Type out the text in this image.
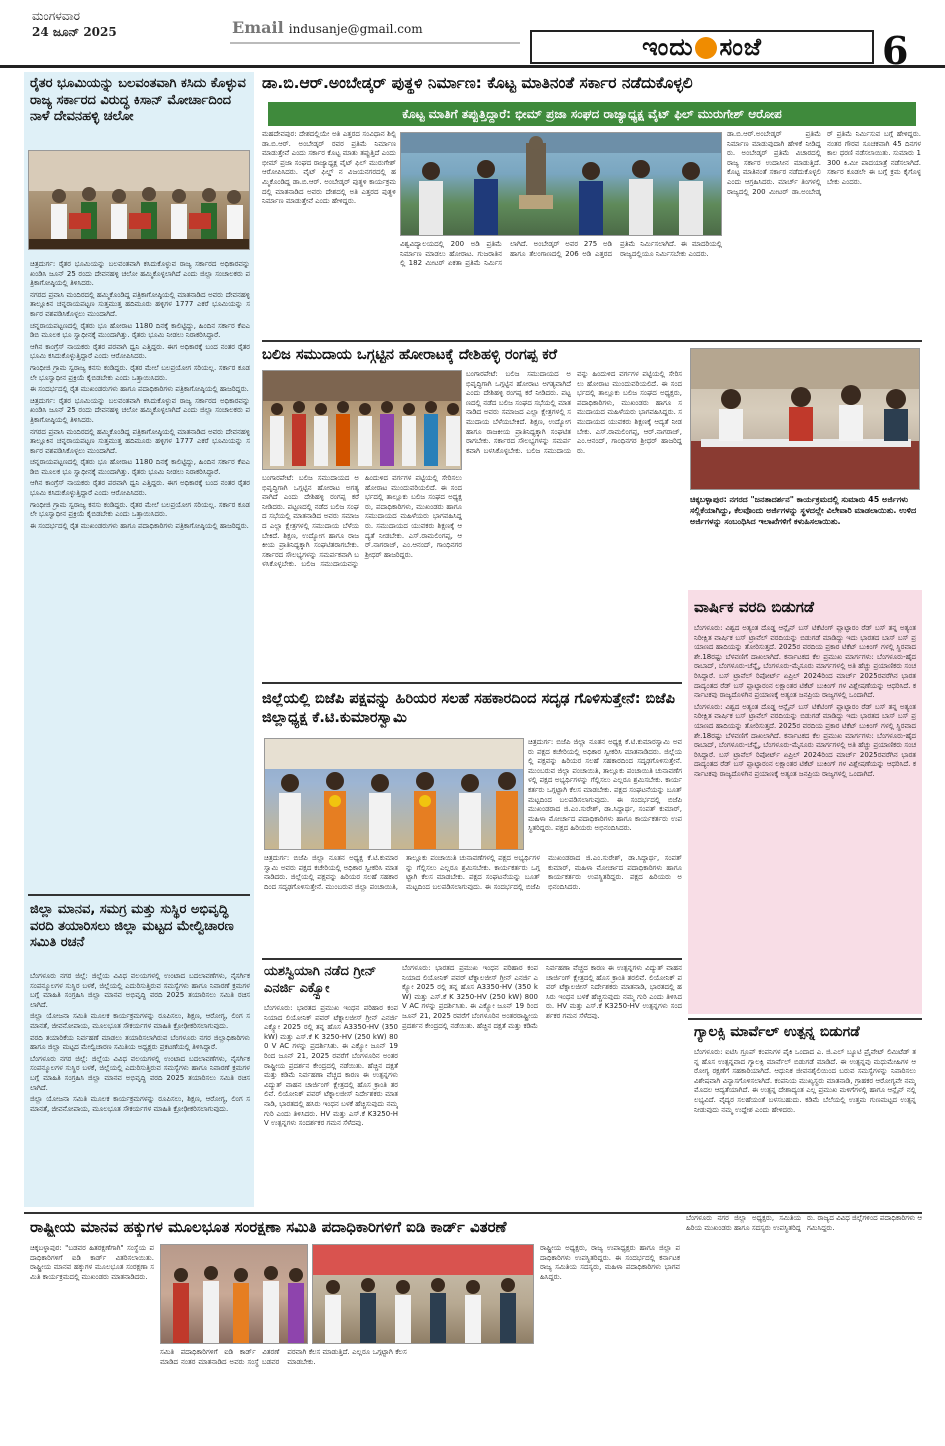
ಮಂಗಳವಾರ
24 ಜೂನ್ 2025	Email indusanje@gmail.com
ಇಂದು ಸಂಜೆ	6
ರೈತರ ಭೂಮಿಯನ್ನು ಬಲವಂತವಾಗಿ ಕಸಿದು ಕೊಳ್ಳುವ ರಾಜ್ಯ ಸರ್ಕಾರದ ವಿರುದ್ಧ ಕಿಸಾನ್ ಮೋರ್ಚಾದಿಂದ ನಾಳೆ ದೇವನಹಳ್ಳಿ ಚಲೋ

ಚಿತ್ರದುರ್ಗ: ರೈತರ ಭೂಮಿಯನ್ನು ಬಲವಂತವಾಗಿ ಕಸಿದುಕೊಳ್ಳುವ ರಾಜ್ಯ ಸರ್ಕಾರದ ಅಧಿಕಾರವನ್ನು ಖಂಡಿಸಿ ಜೂನ್ 25 ರಂದು ದೇವನಹಳ್ಳಿ ಚಲೋ ಹಮ್ಮಿಕೊಳ್ಳಲಾಗಿದೆ ಎಂದು ಜಿಲ್ಲಾ ಸಂಚಾಲಕರು ಪತ್ರಿಕಾಗೋಷ್ಠಿಯಲ್ಲಿ ತಿಳಿಸಿದರು.

ನಗರದ ಪ್ರವಾಸಿ ಮಂದಿರದಲ್ಲಿ ಹಮ್ಮಿಕೊಂಡಿದ್ದ ಪತ್ರಿಕಾಗೋಷ್ಠಿಯಲ್ಲಿ ಮಾತನಾಡಿದ ಅವರು ದೇವನಹಳ್ಳಿ ತಾಲ್ಲೂಕಿನ ಚನ್ನರಾಯಪಟ್ಟಣ ಸುತ್ತಮುತ್ತ ಹದಿಮೂರು ಹಳ್ಳಿಗಳ 1777 ಎಕರೆ ಭೂಮಿಯನ್ನು ಸರ್ಕಾರ ವಶಪಡಿಸಿಕೊಳ್ಳಲು ಮುಂದಾಗಿದೆ.

ಚನ್ನರಾಯಪಟ್ಟಣದಲ್ಲಿ ರೈತರು ಭೂ ಹೋರಾಟ 1180 ದಿನಕ್ಕೆ ಕಾಲಿಟ್ಟಿದ್ದು, ಹಿಂದಿನ ಸರ್ಕಾರ ಕೆಐಎಡಿಬಿ ಮೂಲಕ ಭೂ ಸ್ವಾಧೀನಕ್ಕೆ ಮುಂದಾಗಿತ್ತು. ರೈತರು ಭೂಮಿ ನೀಡಲು ನಿರಾಕರಿಸಿದ್ದಾರೆ.

ಆಗಿನ ಕಾಂಗ್ರೆಸ್ ನಾಯಕರು ರೈತರ ಪರವಾಗಿ ಧ್ವನಿ ಎತ್ತಿದ್ದರು. ಈಗ ಅಧಿಕಾರಕ್ಕೆ ಬಂದ ನಂತರ ರೈತರ ಭೂಮಿ ಕಸಿದುಕೊಳ್ಳುತ್ತಿದ್ದಾರೆ ಎಂದು ಆರೋಪಿಸಿದರು.

ಗಾಂಧೀಜಿ ಗ್ರಾಮ ಸ್ವರಾಜ್ಯ ಕನಸು ಕಂಡಿದ್ದರು. ರೈತರ ಮೇಲೆ ಬಲಪ್ರಯೋಗ ಸರಿಯಲ್ಲ. ಸರ್ಕಾರ ಕೂಡಲೇ ಭೂಸ್ವಾಧೀನ ಪ್ರಕ್ರಿಯೆ ಕೈಬಿಡಬೇಕು ಎಂದು ಒತ್ತಾಯಿಸಿದರು.

ಈ ಸಂದರ್ಭದಲ್ಲಿ ರೈತ ಮುಖಂಡರುಗಳು ಹಾಗೂ ಪದಾಧಿಕಾರಿಗಳು ಪತ್ರಿಕಾಗೋಷ್ಠಿಯಲ್ಲಿ ಹಾಜರಿದ್ದರು.

ಚಿತ್ರದುರ್ಗ: ರೈತರ ಭೂಮಿಯನ್ನು ಬಲವಂತವಾಗಿ ಕಸಿದುಕೊಳ್ಳುವ ರಾಜ್ಯ ಸರ್ಕಾರದ ಅಧಿಕಾರವನ್ನು ಖಂಡಿಸಿ ಜೂನ್ 25 ರಂದು ದೇವನಹಳ್ಳಿ ಚಲೋ ಹಮ್ಮಿಕೊಳ್ಳಲಾಗಿದೆ ಎಂದು ಜಿಲ್ಲಾ ಸಂಚಾಲಕರು ಪತ್ರಿಕಾಗೋಷ್ಠಿಯಲ್ಲಿ ತಿಳಿಸಿದರು.

ನಗರದ ಪ್ರವಾಸಿ ಮಂದಿರದಲ್ಲಿ ಹಮ್ಮಿಕೊಂಡಿದ್ದ ಪತ್ರಿಕಾಗೋಷ್ಠಿಯಲ್ಲಿ ಮಾತನಾಡಿದ ಅವರು ದೇವನಹಳ್ಳಿ ತಾಲ್ಲೂಕಿನ ಚನ್ನರಾಯಪಟ್ಟಣ ಸುತ್ತಮುತ್ತ ಹದಿಮೂರು ಹಳ್ಳಿಗಳ 1777 ಎಕರೆ ಭೂಮಿಯನ್ನು ಸರ್ಕಾರ ವಶಪಡಿಸಿಕೊಳ್ಳಲು ಮುಂದಾಗಿದೆ.

ಚನ್ನರಾಯಪಟ್ಟಣದಲ್ಲಿ ರೈತರು ಭೂ ಹೋರಾಟ 1180 ದಿನಕ್ಕೆ ಕಾಲಿಟ್ಟಿದ್ದು, ಹಿಂದಿನ ಸರ್ಕಾರ ಕೆಐಎಡಿಬಿ ಮೂಲಕ ಭೂ ಸ್ವಾಧೀನಕ್ಕೆ ಮುಂದಾಗಿತ್ತು. ರೈತರು ಭೂಮಿ ನೀಡಲು ನಿರಾಕರಿಸಿದ್ದಾರೆ.

ಆಗಿನ ಕಾಂಗ್ರೆಸ್ ನಾಯಕರು ರೈತರ ಪರವಾಗಿ ಧ್ವನಿ ಎತ್ತಿದ್ದರು. ಈಗ ಅಧಿಕಾರಕ್ಕೆ ಬಂದ ನಂತರ ರೈತರ ಭೂಮಿ ಕಸಿದುಕೊಳ್ಳುತ್ತಿದ್ದಾರೆ ಎಂದು ಆರೋಪಿಸಿದರು.

ಗಾಂಧೀಜಿ ಗ್ರಾಮ ಸ್ವರಾಜ್ಯ ಕನಸು ಕಂಡಿದ್ದರು. ರೈತರ ಮೇಲೆ ಬಲಪ್ರಯೋಗ ಸರಿಯಲ್ಲ. ಸರ್ಕಾರ ಕೂಡಲೇ ಭೂಸ್ವಾಧೀನ ಪ್ರಕ್ರಿಯೆ ಕೈಬಿಡಬೇಕು ಎಂದು ಒತ್ತಾಯಿಸಿದರು.

ಈ ಸಂದರ್ಭದಲ್ಲಿ ರೈತ ಮುಖಂಡರುಗಳು ಹಾಗೂ ಪದಾಧಿಕಾರಿಗಳು ಪತ್ರಿಕಾಗೋಷ್ಠಿಯಲ್ಲಿ ಹಾಜರಿದ್ದರು.

ಜಿಲ್ಲಾ ಮಾನವ, ಸಮಗ್ರ ಮತ್ತು ಸುಸ್ಥಿರ ಅಭಿವೃದ್ಧಿ ವರದಿ ತಯಾರಿಸಲು ಜಿಲ್ಲಾ ಮಟ್ಟದ ಮೇಲ್ವಿಚಾರಣ ಸಮಿತಿ ರಚನೆ

ಬೆಂಗಳೂರು ನಗರ ಜಿಲ್ಲೆ: ಜಿಲ್ಲೆಯ ವಿವಿಧ ವಲಯಗಳಲ್ಲಿ ಉಂಟಾದ ಬದಲಾವಣೆಗಳು, ನೈಸರ್ಗಿಕ ಸಂಪನ್ಮೂಲಗಳ ಸುಸ್ಥಿರ ಬಳಕೆ, ಜಿಲ್ಲೆಯಲ್ಲಿ ಎದುರಿಸುತ್ತಿರುವ ಸಮಸ್ಯೆಗಳು ಹಾಗೂ ನಿವಾರಣೆ ಕ್ರಮಗಳ ಬಗ್ಗೆ ಮಾಹಿತಿ ಸಂಗ್ರಹಿಸಿ ಜಿಲ್ಲಾ ಮಾನವ ಅಭಿವೃದ್ಧಿ ವರದಿ 2025 ತಯಾರಿಸಲು ಸಮಿತಿ ರಚಿಸಲಾಗಿದೆ.

ಜಿಲ್ಲಾ ಯೋಜನಾ ಸಮಿತಿ ಮೂಲಕ ಕಾರ್ಯಕ್ರಮಗಳನ್ನು ರೂಪಿಸಲು, ಶಿಕ್ಷಣ, ಆರೋಗ್ಯ, ಲಿಂಗ ಸಮಾನತೆ, ಜೀವನೋಪಾಯ, ಮೂಲಭೂತ ಸೌಕರ್ಯಗಳ ಮಾಹಿತಿ ಕ್ರೋಢೀಕರಿಸಲಾಗುವುದು.

ವರದಿ ತಯಾರಿಕೆಯ ನಿರ್ವಹಣೆ ಮಾಡಲು ತಯಾರಿಸಲಾಗಿರುವ ಬೆಂಗಳೂರು ನಗರ ಜಿಲ್ಲಾಧಿಕಾರಿಗಳು ಹಾಗೂ ಜಿಲ್ಲಾ ಮಟ್ಟದ ಮೇಲ್ವಿಚಾರಣ ಸಮಿತಿಯ ಅಧ್ಯಕ್ಷರು ಪ್ರಕಟಣೆಯಲ್ಲಿ ತಿಳಿಸಿದ್ದಾರೆ.

ಬೆಂಗಳೂರು ನಗರ ಜಿಲ್ಲೆ: ಜಿಲ್ಲೆಯ ವಿವಿಧ ವಲಯಗಳಲ್ಲಿ ಉಂಟಾದ ಬದಲಾವಣೆಗಳು, ನೈಸರ್ಗಿಕ ಸಂಪನ್ಮೂಲಗಳ ಸುಸ್ಥಿರ ಬಳಕೆ, ಜಿಲ್ಲೆಯಲ್ಲಿ ಎದುರಿಸುತ್ತಿರುವ ಸಮಸ್ಯೆಗಳು ಹಾಗೂ ನಿವಾರಣೆ ಕ್ರಮಗಳ ಬಗ್ಗೆ ಮಾಹಿತಿ ಸಂಗ್ರಹಿಸಿ ಜಿಲ್ಲಾ ಮಾನವ ಅಭಿವೃದ್ಧಿ ವರದಿ 2025 ತಯಾರಿಸಲು ಸಮಿತಿ ರಚಿಸಲಾಗಿದೆ.

ಜಿಲ್ಲಾ ಯೋಜನಾ ಸಮಿತಿ ಮೂಲಕ ಕಾರ್ಯಕ್ರಮಗಳನ್ನು ರೂಪಿಸಲು, ಶಿಕ್ಷಣ, ಆರೋಗ್ಯ, ಲಿಂಗ ಸಮಾನತೆ, ಜೀವನೋಪಾಯ, ಮೂಲಭೂತ ಸೌಕರ್ಯಗಳ ಮಾಹಿತಿ ಕ್ರೋಢೀಕರಿಸಲಾಗುವುದು.

ಡಾ.ಬಿ.ಆರ್.ಅಂಬೇಡ್ಕರ್ ಪುತ್ಥಳಿ ನಿರ್ಮಾಣ: ಕೊಟ್ಟ ಮಾತಿನಂತೆ ಸರ್ಕಾರ ನಡೆದುಕೊಳ್ಳಲಿ
ಕೊಟ್ಟ ಮಾತಿಗೆ ತಪ್ಪುತ್ತಿದ್ದಾರೆ: ಭೀಮ್ ಪ್ರಜಾ ಸಂಘದ ರಾಜ್ಯಾಧ್ಯಕ್ಷ ವೈಟ್ ಫಿಲ್ ಮುರುಗೇಶ್ ಆರೋಪ
ಮಹದೇವಪುರ: ದೇಶದಲ್ಲಿಯೇ ಅತಿ ಎತ್ತರದ ಸಂವಿಧಾನ ಶಿಲ್ಪಿ ಡಾ.ಬಿ.ಆರ್. ಅಂಬೇಡ್ಕರ್ ರವರ ಪ್ರತಿಮೆ ನಿರ್ಮಾಣ ಮಾಡುತ್ತೇವೆ ಎಂದು ಸರ್ಕಾರ ಕೊಟ್ಟ ಮಾತು ತಪ್ಪುತ್ತಿದೆ ಎಂದು ಭೀಮ್ ಪ್ರಜಾ ಸಂಘದ ರಾಜ್ಯಾಧ್ಯಕ್ಷ ವೈಟ್ ಫಿಲ್ ಮುರುಗೇಶ್ ಆರೋಪಿಸಿದರು. ವೈಟ್ ಫಿಲ್ಡ್ ನ ವಿಜಯನಗರದಲ್ಲಿ ಹಮ್ಮಿಕೊಂಡಿದ್ದ ಡಾ.ಬಿ.ಆರ್. ಅಂಬೇಡ್ಕರ್ ಪುತ್ಥಳಿ ಕಾರ್ಯಕ್ರಮದಲ್ಲಿ ಮಾತನಾಡಿದ ಅವರು ದೇಶದಲ್ಲಿ ಅತಿ ಎತ್ತರದ ಪುತ್ಥಳಿ ನಿರ್ಮಾಣ ಮಾಡುತ್ತೇವೆ ಎಂದು ಹೇಳಿದ್ದರು.
ವಿಶ್ವವಿದ್ಯಾಲಯದಲ್ಲಿ 200 ಅಡಿ ಪ್ರತಿಮೆ ನಿರ್ಮಾಣ ಮಾಡಲು ಹೋರಾಟ. ಗುಜರಾತಿನಲ್ಲಿ 182 ಮೀಟರ್ ಏಕತಾ ಪ್ರತಿಮೆ ನಿರ್ಮಿಸಲಾಗಿದೆ. ಅಂಬೇಡ್ಕರ್ ಅವರ 275 ಅಡಿ ಹಾಗೂ ತೆಲಂಗಾಣದಲ್ಲಿ 206 ಅಡಿ ಎತ್ತರದ ಪ್ರತಿಮೆ ನಿರ್ಮಿಸಲಾಗಿದೆ. ಈ ಮಾದರಿಯಲ್ಲಿ ರಾಜ್ಯದಲ್ಲಿಯೂ ನಿರ್ಮಿಸಬೇಕು ಎಂದರು.
ಡಾ.ಬಿ.ಆರ್.ಅಂಬೇಡ್ಕರ್ ಪ್ರತಿಮೆ ನಿರ್ಮಾಣ ಮಾಡುವುದಾಗಿ ಹೇಳಿಕೆ ನೀಡಿದ್ದರು. ಅಂಬೇಡ್ಕರ್ ಪ್ರತಿಮೆ ವಿಚಾರದಲ್ಲಿ ರಾಜ್ಯ ಸರ್ಕಾರ ಉದಾಸೀನ ಮಾಡುತ್ತಿದೆ. ಕೊಟ್ಟ ಮಾತಿನಂತೆ ಸರ್ಕಾರ ನಡೆದುಕೊಳ್ಳಲಿ ಎಂದು ಆಗ್ರಹಿಸಿದರು. ಮಾರ್ಚ್ ತಿಂಗಳಲ್ಲಿ ರಾಜ್ಯದಲ್ಲಿ 200 ಮೀಟರ್ ಡಾ.ಅಂಬೇಡ್ಕರ್ ಪ್ರತಿಮೆ ನಿರ್ಮಿಸುವ ಬಗ್ಗೆ ಹೇಳಿದ್ದರು. ನಂತರ ಗೌರವ ಸೂಚಕವಾಗಿ 45 ದಿನಗಳ ಕಾಲ ಧರಣಿ ನಡೆಸಲಾಯಿತು. ಸುಮಾರು 1300 ಕಿ.ಮೀ ಪಾದಯಾತ್ರೆ ನಡೆಸಲಾಗಿದೆ. ಸರ್ಕಾರ ಕೂಡಲೇ ಈ ಬಗ್ಗೆ ಕ್ರಮ ಕೈಗೊಳ್ಳಬೇಕು ಎಂದರು.
ಬಲಿಜ ಸಮುದಾಯ ಒಗ್ಗಟ್ಟಿನ ಹೋರಾಟಕ್ಕೆ ದೇಶಿಹಳ್ಳಿ ರಂಗಪ್ಪ ಕರೆ
ಬಂಗಾರಪೇಟೆ: ಬಲಿಜ ಸಮುದಾಯದ ಅಭಿವೃದ್ಧಿಗಾಗಿ ಒಗ್ಗಟ್ಟಿನ ಹೋರಾಟ ಅಗತ್ಯವಾಗಿದೆ ಎಂದು ದೇಶಿಹಳ್ಳಿ ರಂಗಪ್ಪ ಕರೆ ನೀಡಿದರು. ಪಟ್ಟಣದಲ್ಲಿ ನಡೆದ ಬಲಿಜ ಸಂಘದ ಸಭೆಯಲ್ಲಿ ಮಾತನಾಡಿದ ಅವರು ಸಮಾಜದ ಎಲ್ಲಾ ಕ್ಷೇತ್ರಗಳಲ್ಲಿ ಸಮುದಾಯ ಬೆಳೆಯಬೇಕಿದೆ. ಶಿಕ್ಷಣ, ಉದ್ಯೋಗ ಹಾಗೂ ರಾಜಕೀಯ ಪ್ರಾತಿನಿಧ್ಯಕ್ಕಾಗಿ ಸಂಘಟಿತರಾಗಬೇಕು. ಸರ್ಕಾರದ ಸೌಲಭ್ಯಗಳನ್ನು ಸಮರ್ಪಕವಾಗಿ ಬಳಸಿಕೊಳ್ಳಬೇಕು. ಬಲಿಜ ಸಮುದಾಯವನ್ನು ಹಿಂದುಳಿದ ವರ್ಗಗಳ ಪಟ್ಟಿಯಲ್ಲಿ ಸೇರಿಸಲು ಹೋರಾಟ ಮುಂದುವರಿಯಲಿದೆ. ಈ ಸಂದರ್ಭದಲ್ಲಿ ತಾಲ್ಲೂಕು ಬಲಿಜ ಸಂಘದ ಅಧ್ಯಕ್ಷರು, ಪದಾಧಿಕಾರಿಗಳು, ಮುಖಂಡರು ಹಾಗೂ ಸಮುದಾಯದ ಮಹಿಳೆಯರು ಭಾಗವಹಿಸಿದ್ದರು. ಸಮುದಾಯದ ಯುವಕರು ಶಿಕ್ಷಣಕ್ಕೆ ಆದ್ಯತೆ ನೀಡಬೇಕು. ಎಸ್.ರಾಮಲಿಂಗಪ್ಪ, ಆರ್.ನಾಗರಾಜ್, ಎಂ.ಆನಂದ್, ಗಾಂಧಿನಗರ ಶ್ರೀಧರ್ ಹಾಜರಿದ್ದರು.
ಬಂಗಾರಪೇಟೆ: ಬಲಿಜ ಸಮುದಾಯದ ಅಭಿವೃದ್ಧಿಗಾಗಿ ಒಗ್ಗಟ್ಟಿನ ಹೋರಾಟ ಅಗತ್ಯವಾಗಿದೆ ಎಂದು ದೇಶಿಹಳ್ಳಿ ರಂಗಪ್ಪ ಕರೆ ನೀಡಿದರು. ಪಟ್ಟಣದಲ್ಲಿ ನಡೆದ ಬಲಿಜ ಸಂಘದ ಸಭೆಯಲ್ಲಿ ಮಾತನಾಡಿದ ಅವರು ಸಮಾಜದ ಎಲ್ಲಾ ಕ್ಷೇತ್ರಗಳಲ್ಲಿ ಸಮುದಾಯ ಬೆಳೆಯಬೇಕಿದೆ. ಶಿಕ್ಷಣ, ಉದ್ಯೋಗ ಹಾಗೂ ರಾಜಕೀಯ ಪ್ರಾತಿನಿಧ್ಯಕ್ಕಾಗಿ ಸಂಘಟಿತರಾಗಬೇಕು. ಸರ್ಕಾರದ ಸೌಲಭ್ಯಗಳನ್ನು ಸಮರ್ಪಕವಾಗಿ ಬಳಸಿಕೊಳ್ಳಬೇಕು. ಬಲಿಜ ಸಮುದಾಯವನ್ನು ಹಿಂದುಳಿದ ವರ್ಗಗಳ ಪಟ್ಟಿಯಲ್ಲಿ ಸೇರಿಸಲು ಹೋರಾಟ ಮುಂದುವರಿಯಲಿದೆ. ಈ ಸಂದರ್ಭದಲ್ಲಿ ತಾಲ್ಲೂಕು ಬಲಿಜ ಸಂಘದ ಅಧ್ಯಕ್ಷರು, ಪದಾಧಿಕಾರಿಗಳು, ಮುಖಂಡರು ಹಾಗೂ ಸಮುದಾಯದ ಮಹಿಳೆಯರು ಭಾಗವಹಿಸಿದ್ದರು. ಸಮುದಾಯದ ಯುವಕರು ಶಿಕ್ಷಣಕ್ಕೆ ಆದ್ಯತೆ ನೀಡಬೇಕು. ಎಸ್.ರಾಮಲಿಂಗಪ್ಪ, ಆರ್.ನಾಗರಾಜ್, ಎಂ.ಆನಂದ್, ಗಾಂಧಿನಗರ ಶ್ರೀಧರ್ ಹಾಜರಿದ್ದರು.
ಚಿಕ್ಕಬಳ್ಳಾಪುರ: ನಗರದ "ಜನತಾದರ್ಶನ" ಕಾರ್ಯಕ್ರಮದಲ್ಲಿ ಸುಮಾರು 45 ಅರ್ಜಿಗಳು ಸಲ್ಲಿಕೆಯಾಗಿದ್ದು, ಕೆಲವೊಂದು ಅರ್ಜಿಗಳನ್ನು ಸ್ಥಳದಲ್ಲೇ ವಿಲೇವಾರಿ ಮಾಡಲಾಯಿತು. ಉಳಿದ ಅರ್ಜಿಗಳನ್ನು ಸಂಬಂಧಿಸಿದ ಇಲಾಖೆಗಳಿಗೆ ಕಳುಹಿಸಲಾಯಿತು.
ವಾರ್ಷಿಕ ವರದಿ ಬಿಡುಗಡೆ

ಬೆಂಗಳೂರು: ವಿಶ್ವದ ಅತ್ಯಂತ ದೊಡ್ಡ ಆನ್ಲೈನ್ ಬಸ್ ಟಿಕೆಟಿಂಗ್ ಪ್ಲಾಟ್ಫಾರಂ ರೆಡ್ ಬಸ್ ತನ್ನ ಅತ್ಯಂತ ನಿರೀಕ್ಷಿತ ವಾರ್ಷಿಕ ಬಸ್ ಟ್ರಾವೆಲ್ ವರದಿಯನ್ನು ಬಿಡುಗಡೆ ಮಾಡಿದ್ದು ಇದು ಭಾರತದ ಬಾಸ್ ಬಸ್ ಪ್ರಯಾಣದ ಹಾದಿಯನ್ನು ತೋರಿಸುತ್ತದೆ. 2025ರ ವರದಿಯ ಪ್ರಕಾರ ಟಿಕೆಟ್ ಬುಕಿಂಗ್ ಗಳಲ್ಲಿ ಸ್ಥಿರವಾದ ಶೇ.18ರಷ್ಟು ಬೆಳವಣಿಗೆ ದಾಖಲಾಗಿದೆ. ಕರ್ನಾಟಕದ ಕೆಲ ಪ್ರಮುಖ ಮಾರ್ಗಗಳು: ಬೆಂಗಳೂರು-ಹೈದರಾಬಾದ್, ಬೆಂಗಳೂರು-ಚೆನ್ನೈ, ಬೆಂಗಳೂರು-ಮೈಸೂರು ಮಾರ್ಗಗಳಲ್ಲಿ ಅತಿ ಹೆಚ್ಚು ಪ್ರಯಾಣಿಕರು ಸಂಚರಿಸಿದ್ದಾರೆ. ಬಸ್ ಟ್ರಾವೆಲ್ ರಿಪೋರ್ಟ್ ಏಪ್ರಿಲ್ 2024ರಿಂದ ಮಾರ್ಚ್ 2025ರವರೆಗಿನ ಭಾರತದಾದ್ಯಂತದ ರೆಡ್ ಬಸ್ ಪ್ಲಾಟ್ಫಾರಂನ ಲಕ್ಷಾಂತರ ಟಿಕೆಟ್ ಬುಕಿಂಗ್ ಗಳ ವಿಶ್ಲೇಷಣೆಯನ್ನು ಆಧರಿಸಿದೆ. ಕರ್ನಾಟಕವು ರಾಜ್ಯದೊಳಗಿನ ಪ್ರಯಾಣಕ್ಕೆ ಅತ್ಯಂತ ಜನಪ್ರಿಯ ರಾಜ್ಯಗಳಲ್ಲಿ ಒಂದಾಗಿದೆ.

ಬೆಂಗಳೂರು: ವಿಶ್ವದ ಅತ್ಯಂತ ದೊಡ್ಡ ಆನ್ಲೈನ್ ಬಸ್ ಟಿಕೆಟಿಂಗ್ ಪ್ಲಾಟ್ಫಾರಂ ರೆಡ್ ಬಸ್ ತನ್ನ ಅತ್ಯಂತ ನಿರೀಕ್ಷಿತ ವಾರ್ಷಿಕ ಬಸ್ ಟ್ರಾವೆಲ್ ವರದಿಯನ್ನು ಬಿಡುಗಡೆ ಮಾಡಿದ್ದು ಇದು ಭಾರತದ ಬಾಸ್ ಬಸ್ ಪ್ರಯಾಣದ ಹಾದಿಯನ್ನು ತೋರಿಸುತ್ತದೆ. 2025ರ ವರದಿಯ ಪ್ರಕಾರ ಟಿಕೆಟ್ ಬುಕಿಂಗ್ ಗಳಲ್ಲಿ ಸ್ಥಿರವಾದ ಶೇ.18ರಷ್ಟು ಬೆಳವಣಿಗೆ ದಾಖಲಾಗಿದೆ. ಕರ್ನಾಟಕದ ಕೆಲ ಪ್ರಮುಖ ಮಾರ್ಗಗಳು: ಬೆಂಗಳೂರು-ಹೈದರಾಬಾದ್, ಬೆಂಗಳೂರು-ಚೆನ್ನೈ, ಬೆಂಗಳೂರು-ಮೈಸೂರು ಮಾರ್ಗಗಳಲ್ಲಿ ಅತಿ ಹೆಚ್ಚು ಪ್ರಯಾಣಿಕರು ಸಂಚರಿಸಿದ್ದಾರೆ. ಬಸ್ ಟ್ರಾವೆಲ್ ರಿಪೋರ್ಟ್ ಏಪ್ರಿಲ್ 2024ರಿಂದ ಮಾರ್ಚ್ 2025ರವರೆಗಿನ ಭಾರತದಾದ್ಯಂತದ ರೆಡ್ ಬಸ್ ಪ್ಲಾಟ್ಫಾರಂನ ಲಕ್ಷಾಂತರ ಟಿಕೆಟ್ ಬುಕಿಂಗ್ ಗಳ ವಿಶ್ಲೇಷಣೆಯನ್ನು ಆಧರಿಸಿದೆ. ಕರ್ನಾಟಕವು ರಾಜ್ಯದೊಳಗಿನ ಪ್ರಯಾಣಕ್ಕೆ ಅತ್ಯಂತ ಜನಪ್ರಿಯ ರಾಜ್ಯಗಳಲ್ಲಿ ಒಂದಾಗಿದೆ.

ಜಿಲ್ಲೆಯಲ್ಲಿ ಬಿಜೆಪಿ ಪಕ್ಷವನ್ನು ಹಿರಿಯರ ಸಲಹೆ ಸಹಕಾರದಿಂದ ಸದೃಢ ಗೊಳಿಸುತ್ತೇನೆ: ಬಿಜೆಪಿ ಜಿಲ್ಲಾಧ್ಯಕ್ಷ ಕೆ.ಟಿ.ಕುಮಾರಸ್ವಾಮಿ
ಚಿತ್ರದುರ್ಗ: ಬಿಜೆಪಿ ಜಿಲ್ಲಾ ನೂತನ ಅಧ್ಯಕ್ಷ ಕೆ.ಟಿ.ಕುಮಾರಸ್ವಾಮಿ ಅವರು ಪಕ್ಷದ ಕಚೇರಿಯಲ್ಲಿ ಅಧಿಕಾರ ಸ್ವೀಕರಿಸಿ ಮಾತನಾಡಿದರು. ಜಿಲ್ಲೆಯಲ್ಲಿ ಪಕ್ಷವನ್ನು ಹಿರಿಯರ ಸಲಹೆ ಸಹಕಾರದಿಂದ ಸದೃಢಗೊಳಿಸುತ್ತೇನೆ. ಮುಂಬರುವ ಜಿಲ್ಲಾ ಪಂಚಾಯಿತಿ, ತಾಲ್ಲೂಕು ಪಂಚಾಯಿತಿ ಚುನಾವಣೆಗಳಲ್ಲಿ ಪಕ್ಷದ ಅಭ್ಯರ್ಥಿಗಳನ್ನು ಗೆಲ್ಲಿಸಲು ಎಲ್ಲರೂ ಶ್ರಮಿಸಬೇಕು. ಕಾರ್ಯಕರ್ತರು ಒಗ್ಗಟ್ಟಾಗಿ ಕೆಲಸ ಮಾಡಬೇಕು. ಪಕ್ಷದ ಸಂಘಟನೆಯನ್ನು ಬೂತ್ ಮಟ್ಟದಿಂದ ಬಲಪಡಿಸಲಾಗುವುದು. ಈ ಸಂದರ್ಭದಲ್ಲಿ ಬಿಜೆಪಿ ಮುಖಂಡರಾದ ಜಿ.ಎಂ.ಸುರೇಶ್, ಡಾ.ಸಿದ್ದಾರ್ಥ, ಸಂಪತ್ ಕುಮಾರ್, ಮಹಿಳಾ ಮೋರ್ಚಾದ ಪದಾಧಿಕಾರಿಗಳು ಹಾಗೂ ಕಾರ್ಯಕರ್ತರು ಉಪಸ್ಥಿತರಿದ್ದರು. ಪಕ್ಷದ ಹಿರಿಯರು ಅಭಿನಂದಿಸಿದರು.
ಚಿತ್ರದುರ್ಗ: ಬಿಜೆಪಿ ಜಿಲ್ಲಾ ನೂತನ ಅಧ್ಯಕ್ಷ ಕೆ.ಟಿ.ಕುಮಾರಸ್ವಾಮಿ ಅವರು ಪಕ್ಷದ ಕಚೇರಿಯಲ್ಲಿ ಅಧಿಕಾರ ಸ್ವೀಕರಿಸಿ ಮಾತನಾಡಿದರು. ಜಿಲ್ಲೆಯಲ್ಲಿ ಪಕ್ಷವನ್ನು ಹಿರಿಯರ ಸಲಹೆ ಸಹಕಾರದಿಂದ ಸದೃಢಗೊಳಿಸುತ್ತೇನೆ. ಮುಂಬರುವ ಜಿಲ್ಲಾ ಪಂಚಾಯಿತಿ, ತಾಲ್ಲೂಕು ಪಂಚಾಯಿತಿ ಚುನಾವಣೆಗಳಲ್ಲಿ ಪಕ್ಷದ ಅಭ್ಯರ್ಥಿಗಳನ್ನು ಗೆಲ್ಲಿಸಲು ಎಲ್ಲರೂ ಶ್ರಮಿಸಬೇಕು. ಕಾರ್ಯಕರ್ತರು ಒಗ್ಗಟ್ಟಾಗಿ ಕೆಲಸ ಮಾಡಬೇಕು. ಪಕ್ಷದ ಸಂಘಟನೆಯನ್ನು ಬೂತ್ ಮಟ್ಟದಿಂದ ಬಲಪಡಿಸಲಾಗುವುದು. ಈ ಸಂದರ್ಭದಲ್ಲಿ ಬಿಜೆಪಿ ಮುಖಂಡರಾದ ಜಿ.ಎಂ.ಸುರೇಶ್, ಡಾ.ಸಿದ್ದಾರ್ಥ, ಸಂಪತ್ ಕುಮಾರ್, ಮಹಿಳಾ ಮೋರ್ಚಾದ ಪದಾಧಿಕಾರಿಗಳು ಹಾಗೂ ಕಾರ್ಯಕರ್ತರು ಉಪಸ್ಥಿತರಿದ್ದರು. ಪಕ್ಷದ ಹಿರಿಯರು ಅಭಿನಂದಿಸಿದರು.
ಯಶಸ್ವಿಯಾಗಿ ನಡೆದ ಗ್ರೀನ್ ಎನರ್ಜಿ ಎಕ್ಸ್ಪೋ
ಬೆಂಗಳೂರು: ಭಾರತದ ಪ್ರಮುಖ ಇಂಧನ ಪರಿಹಾರ ಕಂಪನಿಯಾದ ಲಿಯೋನಿಕ್ ಪವರ್ ಟೆಕ್ನಾಲಜೀಸ್ ಗ್ರೀನ್ ಎನರ್ಜಿ ಎಕ್ಸ್ಪೋ 2025 ರಲ್ಲಿ ತನ್ನ ಹೊಸ A3350-HV (350 kW) ಮತ್ತು ಎಸ್.ಕೆ K 3250-HV (250 kW) 800 V AC ಗಳನ್ನು ಪ್ರದರ್ಶಿಸಿತು. ಈ ಎಕ್ಸ್ಪೋ ಜೂನ್ 19 ರಿಂದ ಜೂನ್ 21, 2025 ರವರೆಗೆ ಬೆಂಗಳೂರಿನ ಅಂತರರಾಷ್ಟ್ರೀಯ ಪ್ರದರ್ಶನ ಕೇಂದ್ರದಲ್ಲಿ ನಡೆಯಿತು. ಹೆಚ್ಚಿನ ದಕ್ಷತೆ ಮತ್ತು ಕಡಿಮೆ ನಿರ್ವಹಣಾ ವೆಚ್ಚದ ಕಾರಣ ಈ ಉತ್ಪನ್ನಗಳು ವಿದ್ಯುತ್ ವಾಹನ ಚಾರ್ಜಿಂಗ್ ಕ್ಷೇತ್ರದಲ್ಲಿ ಹೊಸ ಕ್ರಾಂತಿ ತರಲಿವೆ. ಲಿಯೋನಿಕ್ ಪವರ್ ಟೆಕ್ನಾಲಜೀಸ್ ನಿರ್ದೇಶಕರು ಮಾತನಾಡಿ, ಭಾರತದಲ್ಲಿ ಹಸಿರು ಇಂಧನ ಬಳಕೆ ಹೆಚ್ಚಿಸುವುದು ನಮ್ಮ ಗುರಿ ಎಂದು ತಿಳಿಸಿದರು. HV ಮತ್ತು ಎಸ್.ಕೆ K3250-HV ಉತ್ಪನ್ನಗಳು ಸಂದರ್ಶಕರ ಗಮನ ಸೆಳೆದವು.
ಬೆಂಗಳೂರು: ಭಾರತದ ಪ್ರಮುಖ ಇಂಧನ ಪರಿಹಾರ ಕಂಪನಿಯಾದ ಲಿಯೋನಿಕ್ ಪವರ್ ಟೆಕ್ನಾಲಜೀಸ್ ಗ್ರೀನ್ ಎನರ್ಜಿ ಎಕ್ಸ್ಪೋ 2025 ರಲ್ಲಿ ತನ್ನ ಹೊಸ A3350-HV (350 kW) ಮತ್ತು ಎಸ್.ಕೆ K 3250-HV (250 kW) 800 V AC ಗಳನ್ನು ಪ್ರದರ್ಶಿಸಿತು. ಈ ಎಕ್ಸ್ಪೋ ಜೂನ್ 19 ರಿಂದ ಜೂನ್ 21, 2025 ರವರೆಗೆ ಬೆಂಗಳೂರಿನ ಅಂತರರಾಷ್ಟ್ರೀಯ ಪ್ರದರ್ಶನ ಕೇಂದ್ರದಲ್ಲಿ ನಡೆಯಿತು. ಹೆಚ್ಚಿನ ದಕ್ಷತೆ ಮತ್ತು ಕಡಿಮೆ ನಿರ್ವಹಣಾ ವೆಚ್ಚದ ಕಾರಣ ಈ ಉತ್ಪನ್ನಗಳು ವಿದ್ಯುತ್ ವಾಹನ ಚಾರ್ಜಿಂಗ್ ಕ್ಷೇತ್ರದಲ್ಲಿ ಹೊಸ ಕ್ರಾಂತಿ ತರಲಿವೆ. ಲಿಯೋನಿಕ್ ಪವರ್ ಟೆಕ್ನಾಲಜೀಸ್ ನಿರ್ದೇಶಕರು ಮಾತನಾಡಿ, ಭಾರತದಲ್ಲಿ ಹಸಿರು ಇಂಧನ ಬಳಕೆ ಹೆಚ್ಚಿಸುವುದು ನಮ್ಮ ಗುರಿ ಎಂದು ತಿಳಿಸಿದರು. HV ಮತ್ತು ಎಸ್.ಕೆ K3250-HV ಉತ್ಪನ್ನಗಳು ಸಂದರ್ಶಕರ ಗಮನ ಸೆಳೆದವು.
ಗ್ಯಾಲಕ್ಸಿ ಮಾರ್ವೆಲ್ ಉತ್ಪನ್ನ ಬಿಡುಗಡೆ
ಬೆಂಗಳೂರು: ಐಟಿಸಿ ಗ್ರೂಪ್ ಕಂಪನಿಗಳ ಪೈಕಿ ಒಂದಾದ ಎ. ಜಿ.ಎಲ್ ಬ್ಯೂಟಿ ಪ್ರೈವೇಟ್ ಲಿಮಿಟೆಡ್ ತನ್ನ ಹೊಸ ಉತ್ಪನ್ನವಾದ ಗ್ಯಾಲಕ್ಸಿ ಮಾರ್ವೆಲ್ ಬಿಡುಗಡೆ ಮಾಡಿದೆ. ಈ ಉತ್ಪನ್ನವು ಮಧುಮೇಹಿಗಳ ಆರೋಗ್ಯ ರಕ್ಷಣೆಗೆ ಸಹಕಾರಿಯಾಗಿದೆ. ಆಧುನಿಕ ಜೀವನಶೈಲಿಯಿಂದ ಬರುವ ಸಮಸ್ಯೆಗಳನ್ನು ನಿವಾರಿಸಲು ವಿಶೇಷವಾಗಿ ವಿನ್ಯಾಸಗೊಳಿಸಲಾಗಿದೆ. ಕಂಪನಿಯ ಮುಖ್ಯಸ್ಥರು ಮಾತನಾಡಿ, ಗ್ರಾಹಕರ ಆರೋಗ್ಯವೇ ನಮ್ಮ ಮೊದಲ ಆದ್ಯತೆಯಾಗಿದೆ. ಈ ಉತ್ಪನ್ನ ದೇಶಾದ್ಯಂತ ಎಲ್ಲ ಪ್ರಮುಖ ಮಳಿಗೆಗಳಲ್ಲಿ ಹಾಗೂ ಆನ್ಲೈನ್ ನಲ್ಲಿ ಲಭ್ಯವಿದೆ. ವೈದ್ಯರ ಸಲಹೆಯಂತೆ ಬಳಸಬಹುದು. ಕಡಿಮೆ ಬೆಲೆಯಲ್ಲಿ ಉತ್ತಮ ಗುಣಮಟ್ಟದ ಉತ್ಪನ್ನ ನೀಡುವುದು ನಮ್ಮ ಉದ್ದೇಶ ಎಂದು ಹೇಳಿದರು.
ರಾಷ್ಟ್ರೀಯ ಮಾನವ ಹಕ್ಕುಗಳ ಮೂಲಭೂತ ಸಂರಕ್ಷಣಾ ಸಮಿತಿ ಪದಾಧಿಕಾರಿಗಳಿಗೆ ಐಡಿ ಕಾರ್ಡ್ ವಿತರಣೆ
ಚಿಕ್ಕಬಳ್ಳಾಪುರ: "ಬಡವರ ಹಿತರಕ್ಷಣೆಗಾಗಿ" ಸಂಸ್ಥೆಯ ಪದಾಧಿಕಾರಿಗಳಿಗೆ ಐಡಿ ಕಾರ್ಡ್ ವಿತರಿಸಲಾಯಿತು. ರಾಷ್ಟ್ರೀಯ ಮಾನವ ಹಕ್ಕುಗಳ ಮೂಲಭೂತ ಸಂರಕ್ಷಣಾ ಸಮಿತಿ ಕಾರ್ಯಕ್ರಮದಲ್ಲಿ ಮುಖಂಡರು ಮಾತನಾಡಿದರು.
ಸಮಿತಿ ಪದಾಧಿಕಾರಿಗಳಿಗೆ ಐಡಿ ಕಾರ್ಡ್ ವಿತರಣೆ ಮಾಡಿದ ನಂತರ ಮಾತನಾಡಿದ ಅವರು ಸಂಸ್ಥೆ ಬಡವರ ಪರವಾಗಿ ಕೆಲಸ ಮಾಡುತ್ತಿದೆ. ಎಲ್ಲರೂ ಒಗ್ಗಟ್ಟಾಗಿ ಕೆಲಸ ಮಾಡಬೇಕು.
ರಾಷ್ಟ್ರೀಯ ಅಧ್ಯಕ್ಷರು, ರಾಜ್ಯ ಉಪಾಧ್ಯಕ್ಷರು ಹಾಗೂ ಜಿಲ್ಲಾ ಪದಾಧಿಕಾರಿಗಳು ಉಪಸ್ಥಿತರಿದ್ದರು. ಈ ಸಂದರ್ಭದಲ್ಲಿ ಕರ್ನಾಟಕ ರಾಜ್ಯ ಸಮಿತಿಯ ಸದಸ್ಯರು, ಮಹಿಳಾ ಪದಾಧಿಕಾರಿಗಳು ಭಾಗವಹಿಸಿದ್ದರು.
ಬೆಂಗಳೂರು ನಗರ ಜಿಲ್ಲಾ ಅಧ್ಯಕ್ಷರು, ಸಮಿತಿಯ ಹಿರಿಯ ಮುಖಂಡರು ಹಾಗೂ ಸದಸ್ಯರು ಉಪಸ್ಥಿತರಿದ್ದರು. ರಾಜ್ಯದ ವಿವಿಧ ಜಿಲ್ಲೆಗಳಿಂದ ಪದಾಧಿಕಾರಿಗಳು ಆಗಮಿಸಿದ್ದರು.
